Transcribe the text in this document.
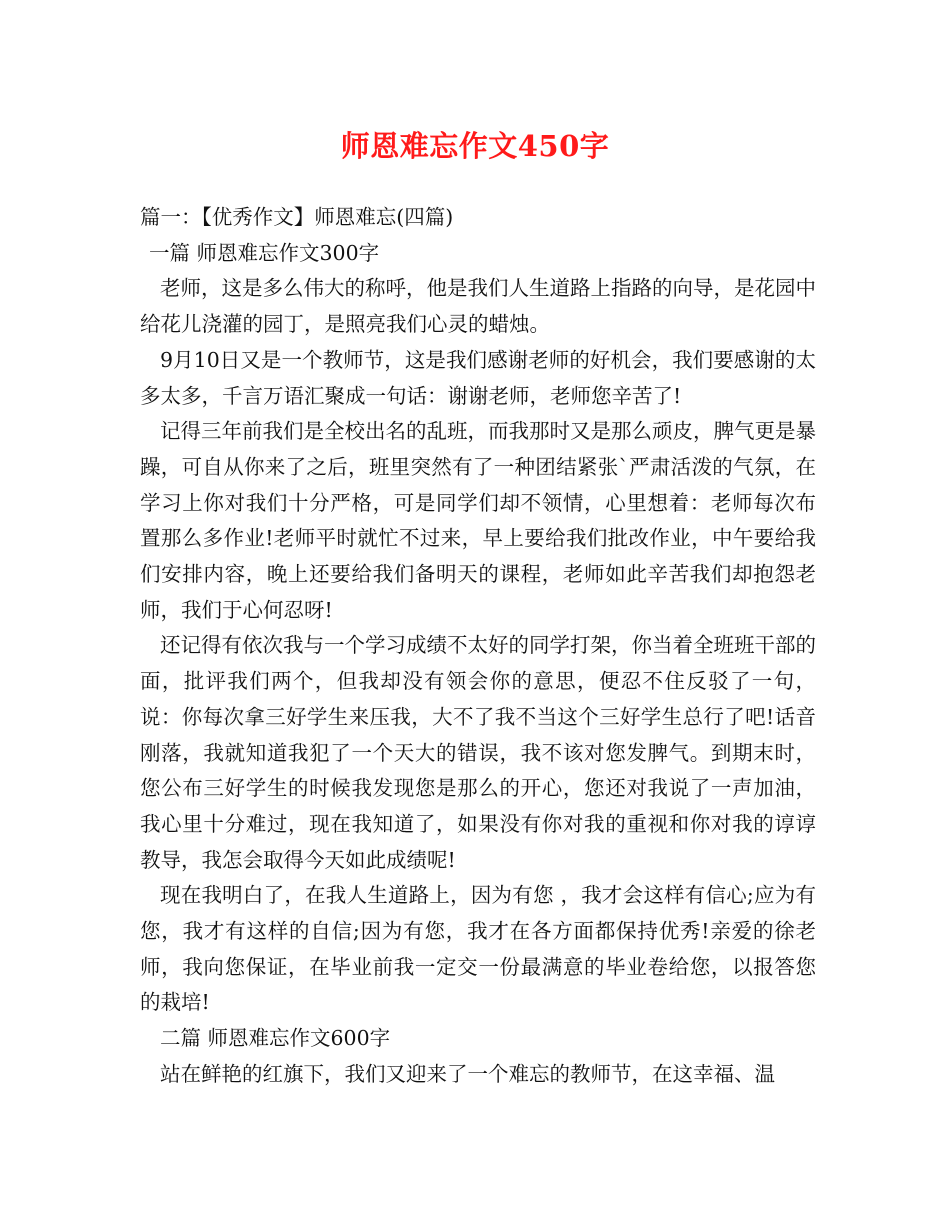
师恩难忘作文450字

篇一：【优秀作文】师恩难忘(四篇)

一篇 师恩难忘作文300字

老师，这是多么伟大的称呼，他是我们人生道路上指路的向导，是花园中给花儿浇灌的园丁，是照亮我们心灵的蜡烛。

9月10日又是一个教师节，这是我们感谢老师的好机会，我们要感谢的太多太多，千言万语汇聚成一句话：谢谢老师，老师您辛苦了!

记得三年前我们是全校出名的乱班，而我那时又是那么顽皮，脾气更是暴躁，可自从你来了之后，班里突然有了一种团结紧张`严肃活泼的气氛，在学习上你对我们十分严格，可是同学们却不领情，心里想着：老师每次布置那么多作业!老师平时就忙不过来，早上要给我们批改作业，中午要给我们安排内容，晚上还要给我们备明天的课程，老师如此辛苦我们却抱怨老师，我们于心何忍呀!

还记得有依次我与一个学习成绩不太好的同学打架，你当着全班班干部的面，批评我们两个，但我却没有领会你的意思，便忍不住反驳了一句，说：你每次拿三好学生来压我，大不了我不当这个三好学生总行了吧!话音刚落，我就知道我犯了一个天大的错误，我不该对您发脾气。到期末时，您公布三好学生的时候我发现您是那么的开心，您还对我说了一声加油，我心里十分难过，现在我知道了，如果没有你对我的重视和你对我的谆谆教导，我怎会取得今天如此成绩呢!

现在我明白了，在我人生道路上，因为有您 ，我才会这样有信心;应为有您，我才有这样的自信;因为有您，我才在各方面都保持优秀!亲爱的徐老师，我向您保证，在毕业前我一定交一份最满意的毕业卷给您，以报答您的栽培!

二篇 师恩难忘作文600字

站在鲜艳的红旗下，我们又迎来了一个难忘的教师节，在这幸福、温
